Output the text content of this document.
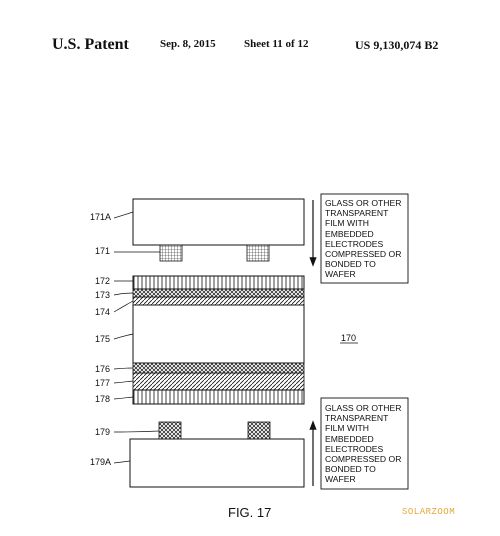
U.S. Patent	Sep. 8, 2015	Sheet 11 of 12	US 9,130,074 B2
171A
171
172
173
174
175
176
177
178
179
179A
170
GLASS OR OTHER
TRANSPARENT
FILM WITH
EMBEDDED
ELECTRODES
COMPRESSED OR
BONDED TO
WAFER
GLASS OR OTHER
TRANSPARENT
FILM WITH
EMBEDDED
ELECTRODES
COMPRESSED OR
BONDED TO
WAFER
FIG. 17	SOLARZOOM
